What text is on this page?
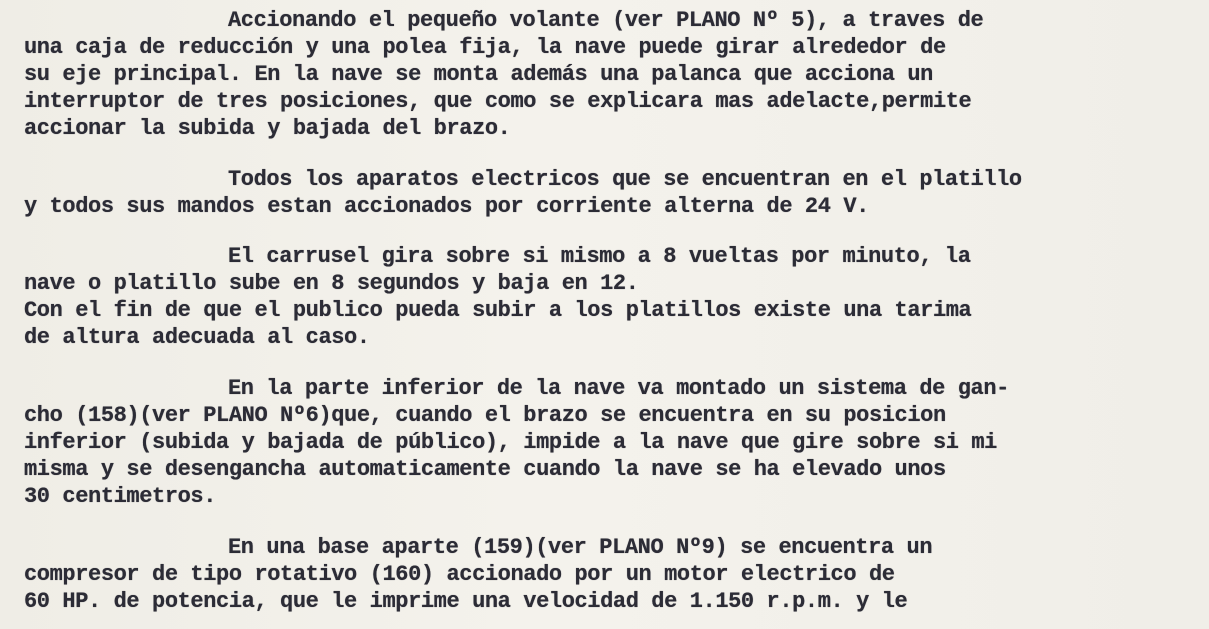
Accionando el pequeño volante (ver PLANO Nº 5), a traves de
una caja de reducción y una polea fija, la nave puede girar alrededor de
su eje principal. En la nave se monta además una palanca que acciona un
interruptor de tres posiciones, que como se explicara mas adelacte,permite
accionar la subida y bajada del brazo.
Todos los aparatos electricos que se encuentran en el platillo
y todos sus mandos estan accionados por corriente alterna de 24 V.
El carrusel gira sobre si mismo a 8 vueltas por minuto, la
nave o platillo sube en 8 segundos y baja en 12.
Con el fin de que el publico pueda subir a los platillos existe una tarima
de altura adecuada al caso.
En la parte inferior de la nave va montado un sistema de gan-
cho (158)(ver PLANO Nº6)que, cuando el brazo se encuentra en su posicion
inferior (subida y bajada de público), impide a la nave que gire sobre si mi
misma y se desengancha automaticamente cuando la nave se ha elevado unos
30 centimetros.
En una base aparte (159)(ver PLANO Nº9) se encuentra un
compresor de tipo rotativo (160) accionado por un motor electrico de
60 HP. de potencia, que le imprime una velocidad de 1.150 r.p.m. y le
